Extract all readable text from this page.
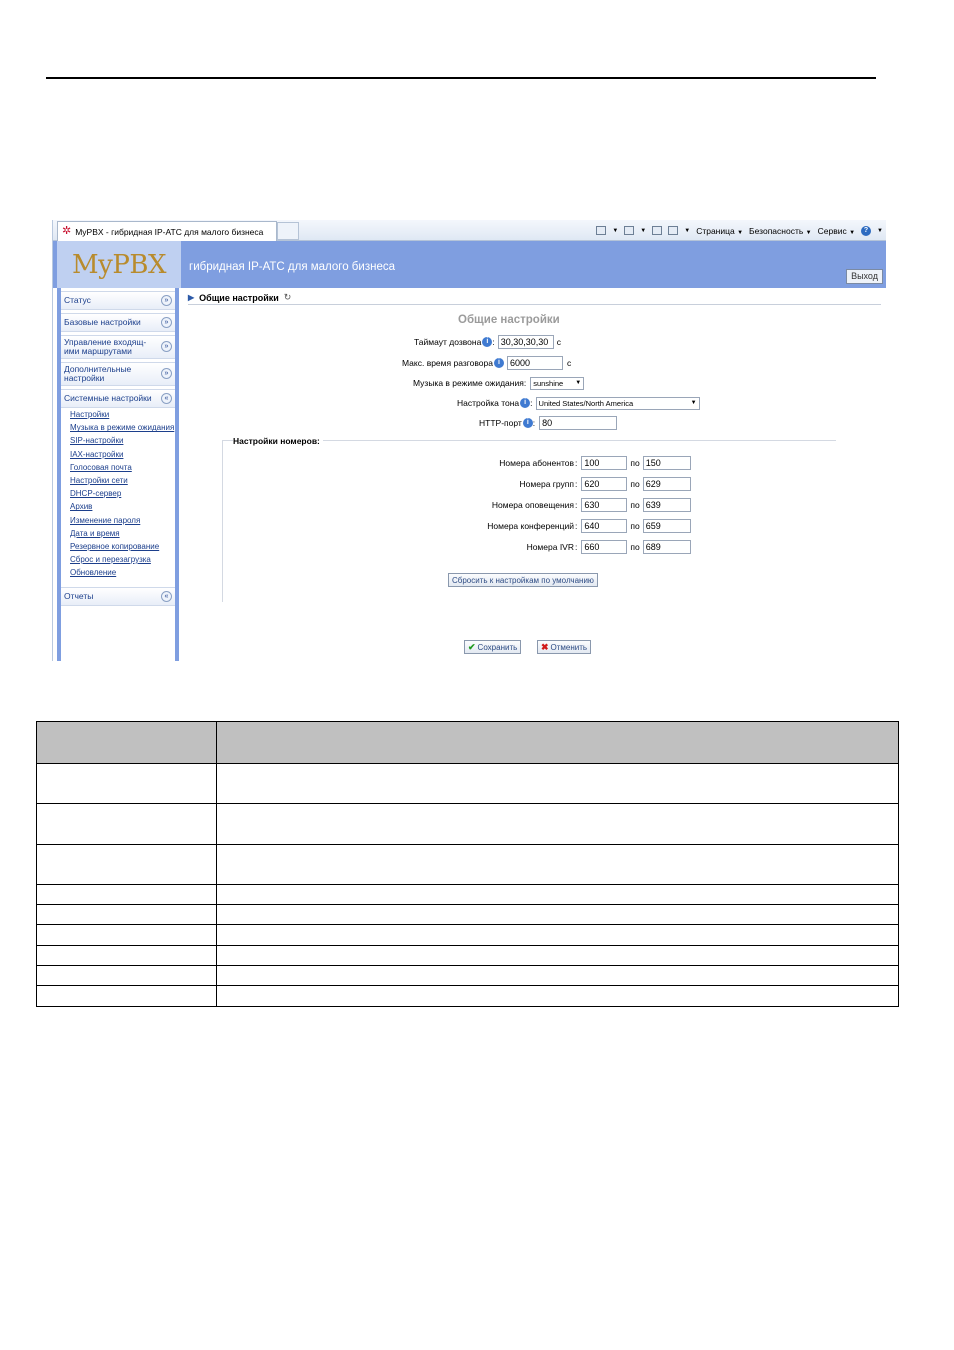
✲ MyPBX - гибридная IP-АТС для малого бизнеса	▼	▼	▼ Страница ▼ Безопасность ▼ Сервис ▼	?	▼
MyPBX гибридная IP-АТС для малого бизнеса
Выход
Статус	»
Базовые настройки	»
Управление входящ-ими маршрутами	»
Дополнительные настройки	»
Системные настройки	«
Настройки
Музыка в режиме ожидания
SIP-настройки
IAX-настройки
Голосовая почта
Настройки сети
DHCP-сервер
Архив
Изменение пароля
Дата и время
Резервное копирование
Сброс и перезагрузка
Обновление
Отчеты	«
▶ Общие настройки ↻
Общие настройки
Таймаут дозвона i : 30,30,30,30 с
Макс. время разговора i	6000	с
Музыка в режиме ожидания : sunshine ▼
Настройка тона i : United States/North America	▼
HTTP-порт i : 80
Настройки номеров:
Номера абонентов : 100	по 150
Номера групп : 620	по 629
Номера оповещения : 630	по 639
Номера конференций : 640	по 659
Номера IVR : 660	по 689
Сбросить к настройкам по умолчанию
✔ Сохранить	✖ Отменить
